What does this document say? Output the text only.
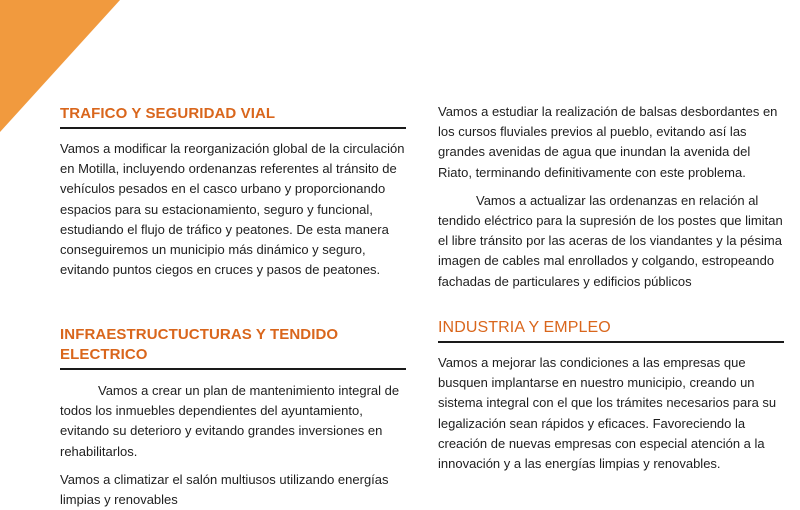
TRAFICO Y SEGURIDAD VIAL

Vamos a modificar la reorganización global de la circulación en Motilla, incluyendo ordenanzas referentes al tránsito de vehículos pesados en el casco urbano y proporcionando espacios para su estacionamiento, seguro y funcional, estudiando el flujo de tráfico y peatones. De esta manera conseguiremos un municipio más dinámico y seguro, evitando puntos ciegos en cruces y pasos de peatones.

INFRAESTRUCTUCTURAS Y TENDIDO ELECTRICO

Vamos a crear un plan de mantenimiento integral de todos los inmuebles dependientes del ayuntamiento, evitando su deterioro y evitando grandes inversiones en rehabilitarlos.

Vamos a climatizar el salón multiusos utilizando energías limpias y renovables

Vamos a estudiar la realización de balsas desbordantes en los cursos fluviales previos al pueblo, evitando así las grandes avenidas de agua que inundan la avenida del Riato, terminando definitivamente con este problema.

Vamos a actualizar las ordenanzas en relación al tendido eléctrico para la supresión de los postes que limitan el libre tránsito por las aceras de los viandantes y la pésima imagen de cables mal enrollados y colgando, estropeando fachadas de particulares y edificios públicos

INDUSTRIA Y EMPLEO

Vamos a mejorar las condiciones a las empresas que busquen implantarse en nuestro municipio, creando un sistema integral con el que los trámites necesarios para su legalización sean rápidos y eficaces. Favoreciendo la creación de nuevas empresas con especial atención a la innovación y a las energías limpias y renovables.
